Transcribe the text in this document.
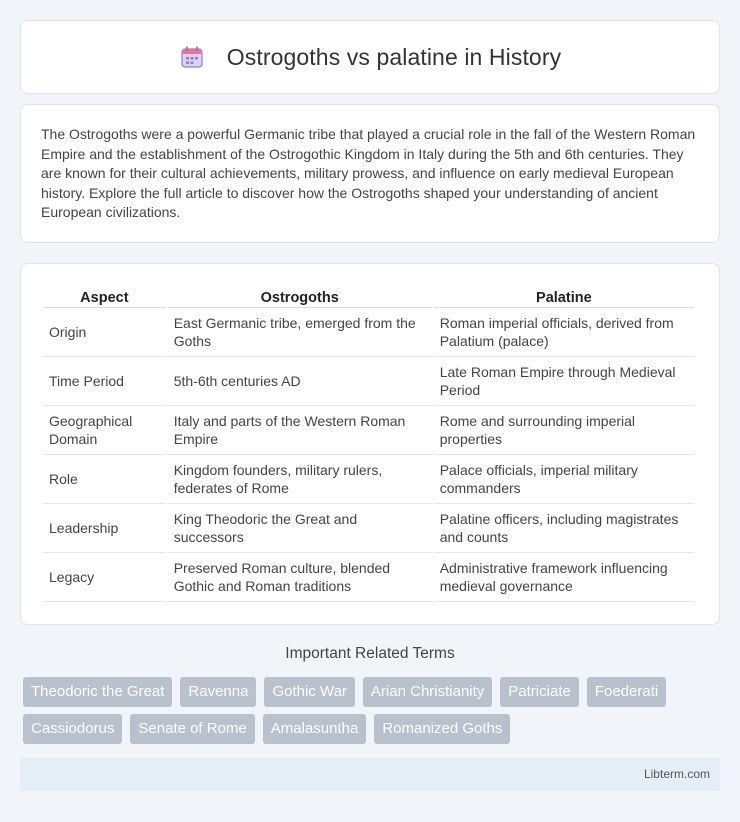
Ostrogoths vs palatine in History

The Ostrogoths were a powerful Germanic tribe that played a crucial role in the fall of the Western Roman Empire and the establishment of the Ostrogothic Kingdom in Italy during the 5th and 6th centuries. They are known for their cultural achievements, military prowess, and influence on early medieval European history. Explore the full article to discover how the Ostrogoths shaped your understanding of ancient European civilizations.

Aspect	Ostrogoths	Palatine
Origin	East Germanic tribe, emerged from the Goths	Roman imperial officials, derived from Palatium (palace)
Time Period	5th-6th centuries AD	Late Roman Empire through Medieval Period
Geographical Domain	Italy and parts of the Western Roman Empire	Rome and surrounding imperial properties
Role	Kingdom founders, military rulers, federates of Rome	Palace officials, imperial military commanders
Leadership	King Theodoric the Great and successors	Palatine officers, including magistrates and counts
Legacy	Preserved Roman culture, blended Gothic and Roman traditions	Administrative framework influencing medieval governance
Important Related Terms
Theodoric the Great	Ravenna	Gothic War	Arian Christianity	Patriciate	Foederati
Cassiodorus	Senate of Rome	Amalasuntha	Romanized Goths
Libterm.com
